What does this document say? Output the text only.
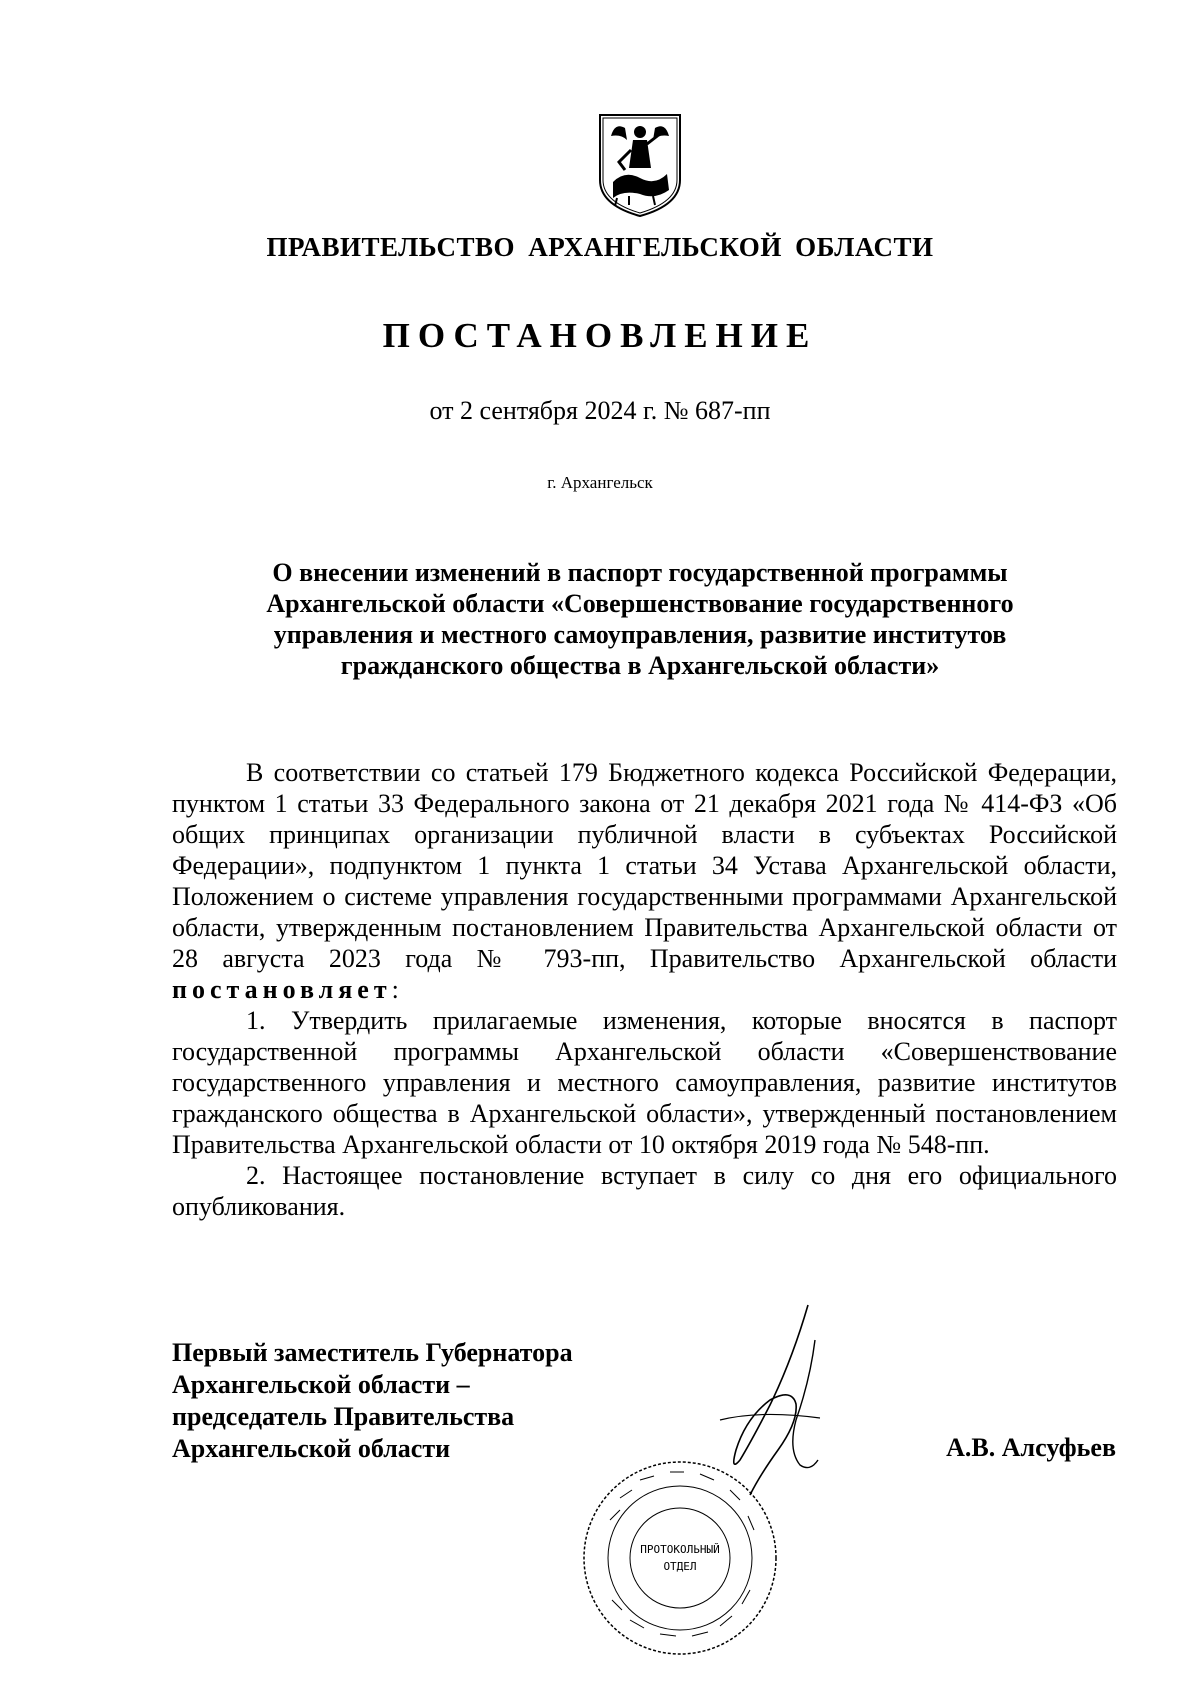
ПРАВИТЕЛЬСТВО АРХАНГЕЛЬСКОЙ ОБЛАСТИ
ПОСТАНОВЛЕНИЕ
от 2 сентября 2024 г. № 687-пп
г. Архангельск
О внесении изменений в паспорт государственной программы
Архангельской области «Совершенствование государственного
управления и местного самоуправления, развитие институтов
гражданского общества в Архангельской области»

В соответствии со статьей 179 Бюджетного кодекса Российской Федерации, пунктом 1 статьи 33 Федерального закона от 21 декабря 2021 года № 414-ФЗ «Об общих принципах организации публичной власти в субъектах Российской Федерации», подпунктом 1 пункта 1 статьи 34 Устава Архангельской области, Положением о системе управления государственными программами Архангельской области, утвержденным постановлением Правительства Архангельской области от 28 августа 2023 года № 793-пп, Правительство Архангельской области постановляет:

1. Утвердить прилагаемые изменения, которые вносятся в паспорт государственной программы Архангельской области «Совершенствование государственного управления и местного самоуправления, развитие институтов гражданского общества в Архангельской области», утвержденный постановлением Правительства Архангельской области от 10 октября 2019 года № 548-пп.

2. Настоящее постановление вступает в силу со дня его официального опубликования.

Первый заместитель Губернатора
Архангельской области –
председатель Правительства
Архангельской области	А.В. Алсуфьев
ПРОТОКОЛЬНЫЙ
ОТДЕЛ
